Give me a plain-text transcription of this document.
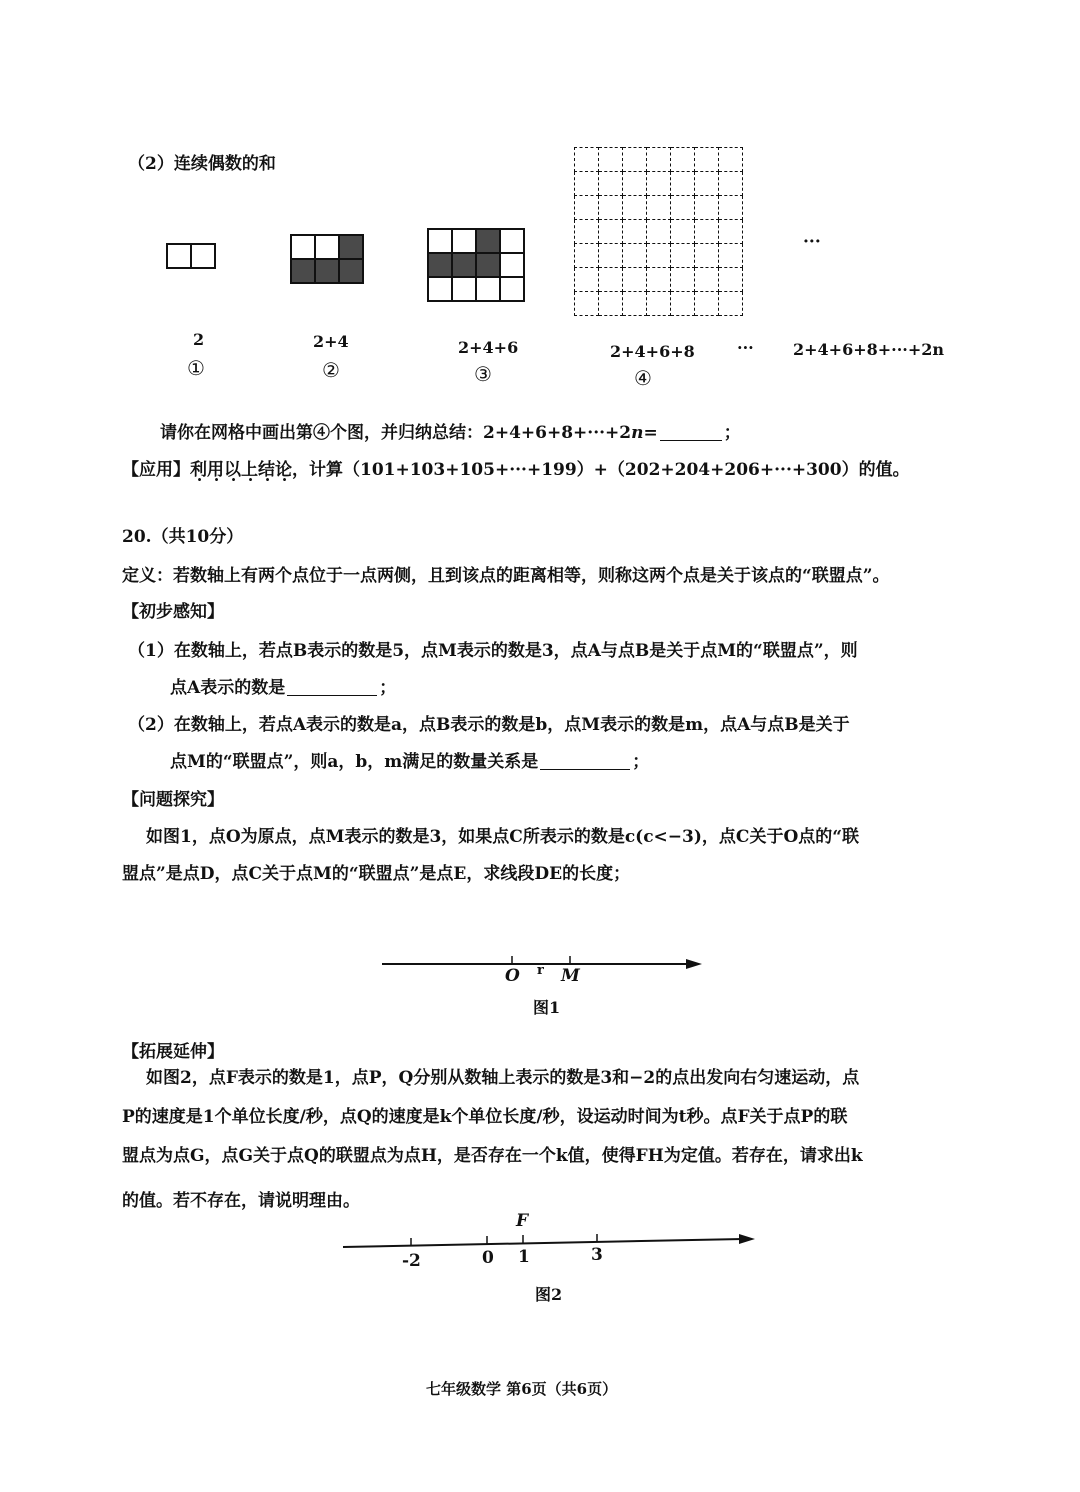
（2）连续偶数的和

···
2	2+4	2+4+6	2+4+6+8	··· 2+4+6+8+···+2n
①	②	③	④
请你在网格中画出第④个图，并归纳总结：2+4+6+8+···+2n=	；
【应用】利用以上结论，计算（101+103+105+···+199）+（202+204+206+···+300）的值。
20.（共10分）
定义：若数轴上有两个点位于一点两侧，且到该点的距离相等，则称这两个点是关于该点的“联盟点”。
【初步感知】
（1）在数轴上，若点B表示的数是5，点M表示的数是3，点A与点B是关于点M的“联盟点”，则
点A表示的数是	；
（2）在数轴上，若点A表示的数是a，点B表示的数是b，点M表示的数是m，点A与点B是关于
点M的“联盟点”，则a，b，m满足的数量关系是	；
【问题探究】
如图1，点O为原点，点M表示的数是3，如果点C所表示的数是c(c<−3)，点C关于O点的“联
盟点”是点D，点C关于点M的“联盟点”是点E，求线段DE的长度；
O r M
图1
【拓展延伸】
如图2，点F表示的数是1，点P，Q分别从数轴上表示的数是3和−2的点出发向右匀速运动，点
P的速度是1个单位长度/秒，点Q的速度是k个单位长度/秒，设运动时间为t秒。点F关于点P的联
盟点为点G，点G关于点Q的联盟点为点H，是否存在一个k值，使得FH为定值。若存在，请求出k
的值。若不存在，请说明理由。
F
-2	0 1	3
图2
七年级数学 第6页（共6页）
